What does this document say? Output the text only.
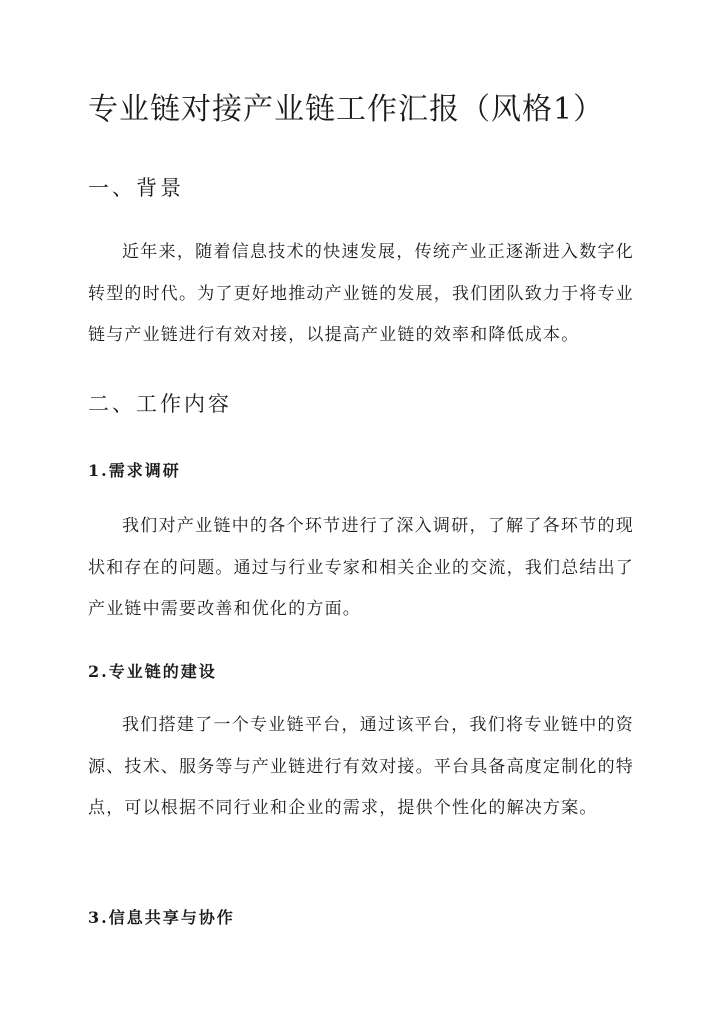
专业链对接产业链工作汇报（风格1）
一、背景

近年来，随着信息技术的快速发展，传统产业正逐渐进入数字化转型的时代。为了更好地推动产业链的发展，我们团队致力于将专业链与产业链进行有效对接，以提高产业链的效率和降低成本。

二、工作内容
1.需求调研

我们对产业链中的各个环节进行了深入调研，了解了各环节的现状和存在的问题。通过与行业专家和相关企业的交流，我们总结出了产业链中需要改善和优化的方面。

2.专业链的建设

我们搭建了一个专业链平台，通过该平台，我们将专业链中的资源、技术、服务等与产业链进行有效对接。平台具备高度定制化的特点，可以根据不同行业和企业的需求，提供个性化的解决方案。

3.信息共享与协作
